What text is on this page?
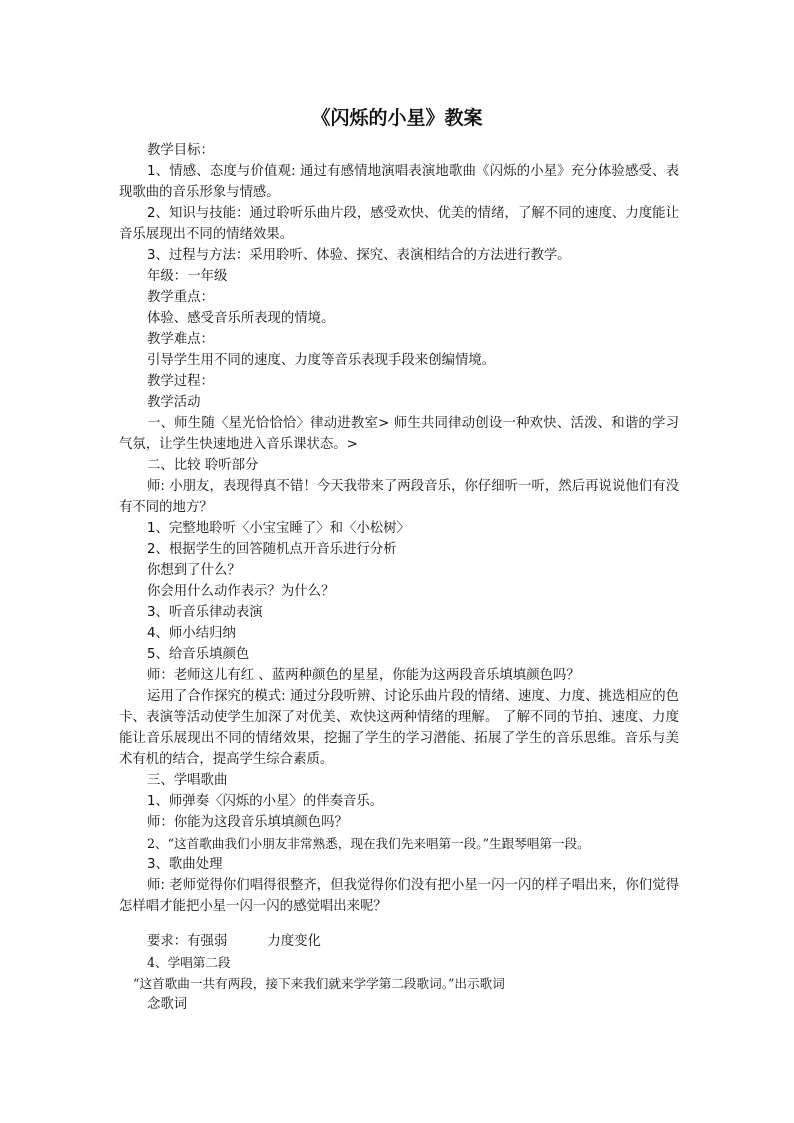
《闪烁的小星》教案

教学目标：

1、情感、态度与价值观: 通过有感情地演唱表演地歌曲《闪烁的小星》充分体验感受、表现歌曲的音乐形象与情感。

2、知识与技能：通过聆听乐曲片段，感受欢快、优美的情绪，了解不同的速度、力度能让音乐展现出不同的情绪效果。

3、过程与方法：采用聆听、体验、探究、表演相结合的方法进行教学。

年级：一年级

教学重点：

体验、感受音乐所表现的情境。

教学难点：

引导学生用不同的速度、力度等音乐表现手段来创编情境。

教学过程：

教学活动

一、师生随〈星光恰恰恰〉律动进教室> 师生共同律动创设一种欢快、活泼、和谐的学习气氛，让学生快速地进入音乐课状态。>

二、比较 聆听部分

师: 小朋友，表现得真不错！今天我带来了两段音乐，你仔细听一听，然后再说说他们有没有不同的地方？

1、完整地聆听〈小宝宝睡了〉和〈小松树〉

2、根据学生的回答随机点开音乐进行分析

你想到了什么？

你会用什么动作表示？为什么？

3、听音乐律动表演

4、师小结归纳

5、给音乐填颜色

师：老师这儿有红 、蓝两种颜色的星星，你能为这两段音乐填填颜色吗？

运用了合作探究的模式: 通过分段听辨、讨论乐曲片段的情绪、速度、力度、挑选相应的色卡、表演等活动使学生加深了对优美、欢快这两种情绪的理解。 了解不同的节拍、速度、力度能让音乐展现出不同的情绪效果，挖掘了学生的学习潜能、拓展了学生的音乐思维。音乐与美术有机的结合，提高学生综合素质。

三、学唱歌曲

1、师弹奏〈闪烁的小星〉的伴奏音乐。

师：你能为这段音乐填填颜色吗？

2、“这首歌曲我们小朋友非常熟悉，现在我们先来唱第一段。”生跟琴唱第一段。

3、歌曲处理

师: 老师觉得你们唱得很整齐，但我觉得你们没有把小星一闪一闪的样子唱出来，你们觉得怎样唱才能把小星一闪一闪的感觉唱出来呢？

要求：有强弱	力度变化

4、学唱第二段

“这首歌曲一共有两段，接下来我们就来学学第二段歌词。”出示歌词

念歌词
